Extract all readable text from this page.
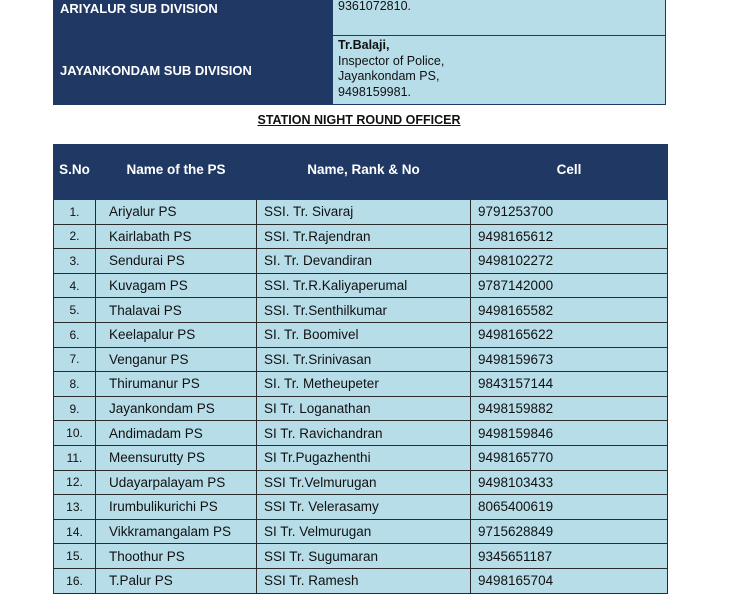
ARIYALUR SUB DIVISION	9361072810.

JAYANKONDAM SUB DIVISION	Tr.Balaji,
Inspector of Police,
Jayankondam PS,
9498159981.
STATION NIGHT ROUND OFFICER
S.No	Name of the PS	Name, Rank & No	Cell
1.	Ariyalur PS	SSI. Tr. Sivaraj	9791253700
2.	Kairlabath PS	SSI. Tr.Rajendran	9498165612
3.	Sendurai PS	SI. Tr. Devandiran	9498102272
4.	Kuvagam PS	SSI. Tr.R.Kaliyaperumal	9787142000
5.	Thalavai PS	SSI. Tr.Senthilkumar	9498165582
6.	Keelapalur PS	SI. Tr. Boomivel	9498165622
7.	Venganur PS	SSI. Tr.Srinivasan	9498159673
8.	Thirumanur PS	SI. Tr. Metheupeter	9843157144
9.	Jayankondam PS	SI Tr. Loganathan	9498159882
10.	Andimadam PS	SI Tr. Ravichandran	9498159846
11.	Meensurutty PS	SI Tr.Pugazhenthi	9498165770
12.	Udayarpalayam PS	SSI Tr.Velmurugan	9498103433
13.	Irumbulikurichi PS	SSI Tr. Velerasamy	8065400619
14.	Vikkramangalam PS	SI Tr. Velmurugan	9715628849
15.	Thoothur PS	SSI Tr. Sugumaran	9345651187
16.	T.Palur PS	SSI Tr. Ramesh	9498165704
